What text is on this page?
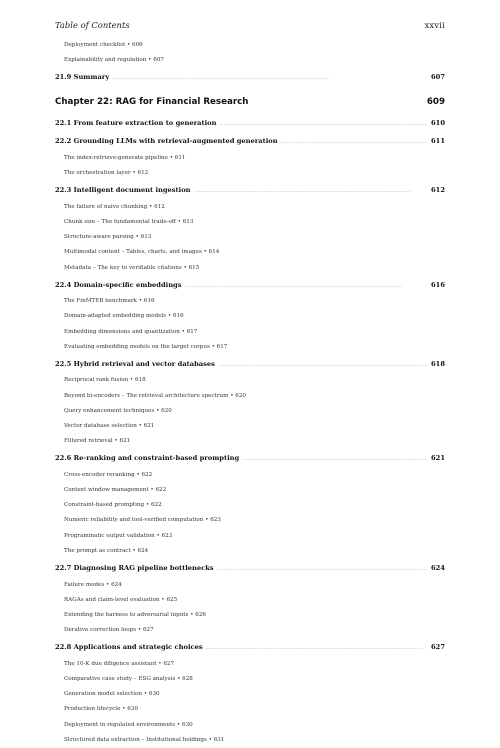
Table of Contents	xxvii
Deployment checklist • 606
Explainability and regulation • 607
21.9 Summary . . .	607
Chapter 22: RAG for Financial Research	609
22.1 From feature extraction to generation . . .	610
22.2 Grounding LLMs with retrieval-augmented generation . . .	611
The index-retrieve-generate pipeline • 611
The orchestration layer • 612
22.3 Intelligent document ingestion . . .	612
The failure of naive chunking • 612
Chunk size – The fundamental trade-off • 613
Structure-aware parsing • 613
Multimodal content – Tables, charts, and images • 614
Metadata – The key to verifiable citations • 615
22.4 Domain-specific embeddings . . .	616
The FinMTEB benchmark • 616
Domain-adapted embedding models • 616
Embedding dimensions and quantization • 617
Evaluating embedding models on the target corpus • 617
22.5 Hybrid retrieval and vector databases . . .	618
Reciprocal rank fusion • 618
Beyond bi-encoders – The retrieval architecture spectrum • 620
Query enhancement techniques • 620
Vector database selection • 621
Filtered retrieval • 621
22.6 Re-ranking and constraint-based prompting . . .	621
Cross-encoder reranking • 622
Context window management • 622
Constraint-based prompting • 622
Numeric reliability and tool-verified computation • 623
Programmatic output validation • 623
The prompt as contract • 624
22.7 Diagnosing RAG pipeline bottlenecks . . .	624
Failure modes • 624
RAGAs and claim-level evaluation • 625
Extending the harness to adversarial inputs • 626
Iterative correction loops • 627
22.8 Applications and strategic choices . . .	627
The 10-K due diligence assistant • 627
Comparative case study – ESG analysis • 628
Generation model selection • 630
Production lifecycle • 630
Deployment in regulated environments • 630
Structured data extraction – Institutional holdings • 631
